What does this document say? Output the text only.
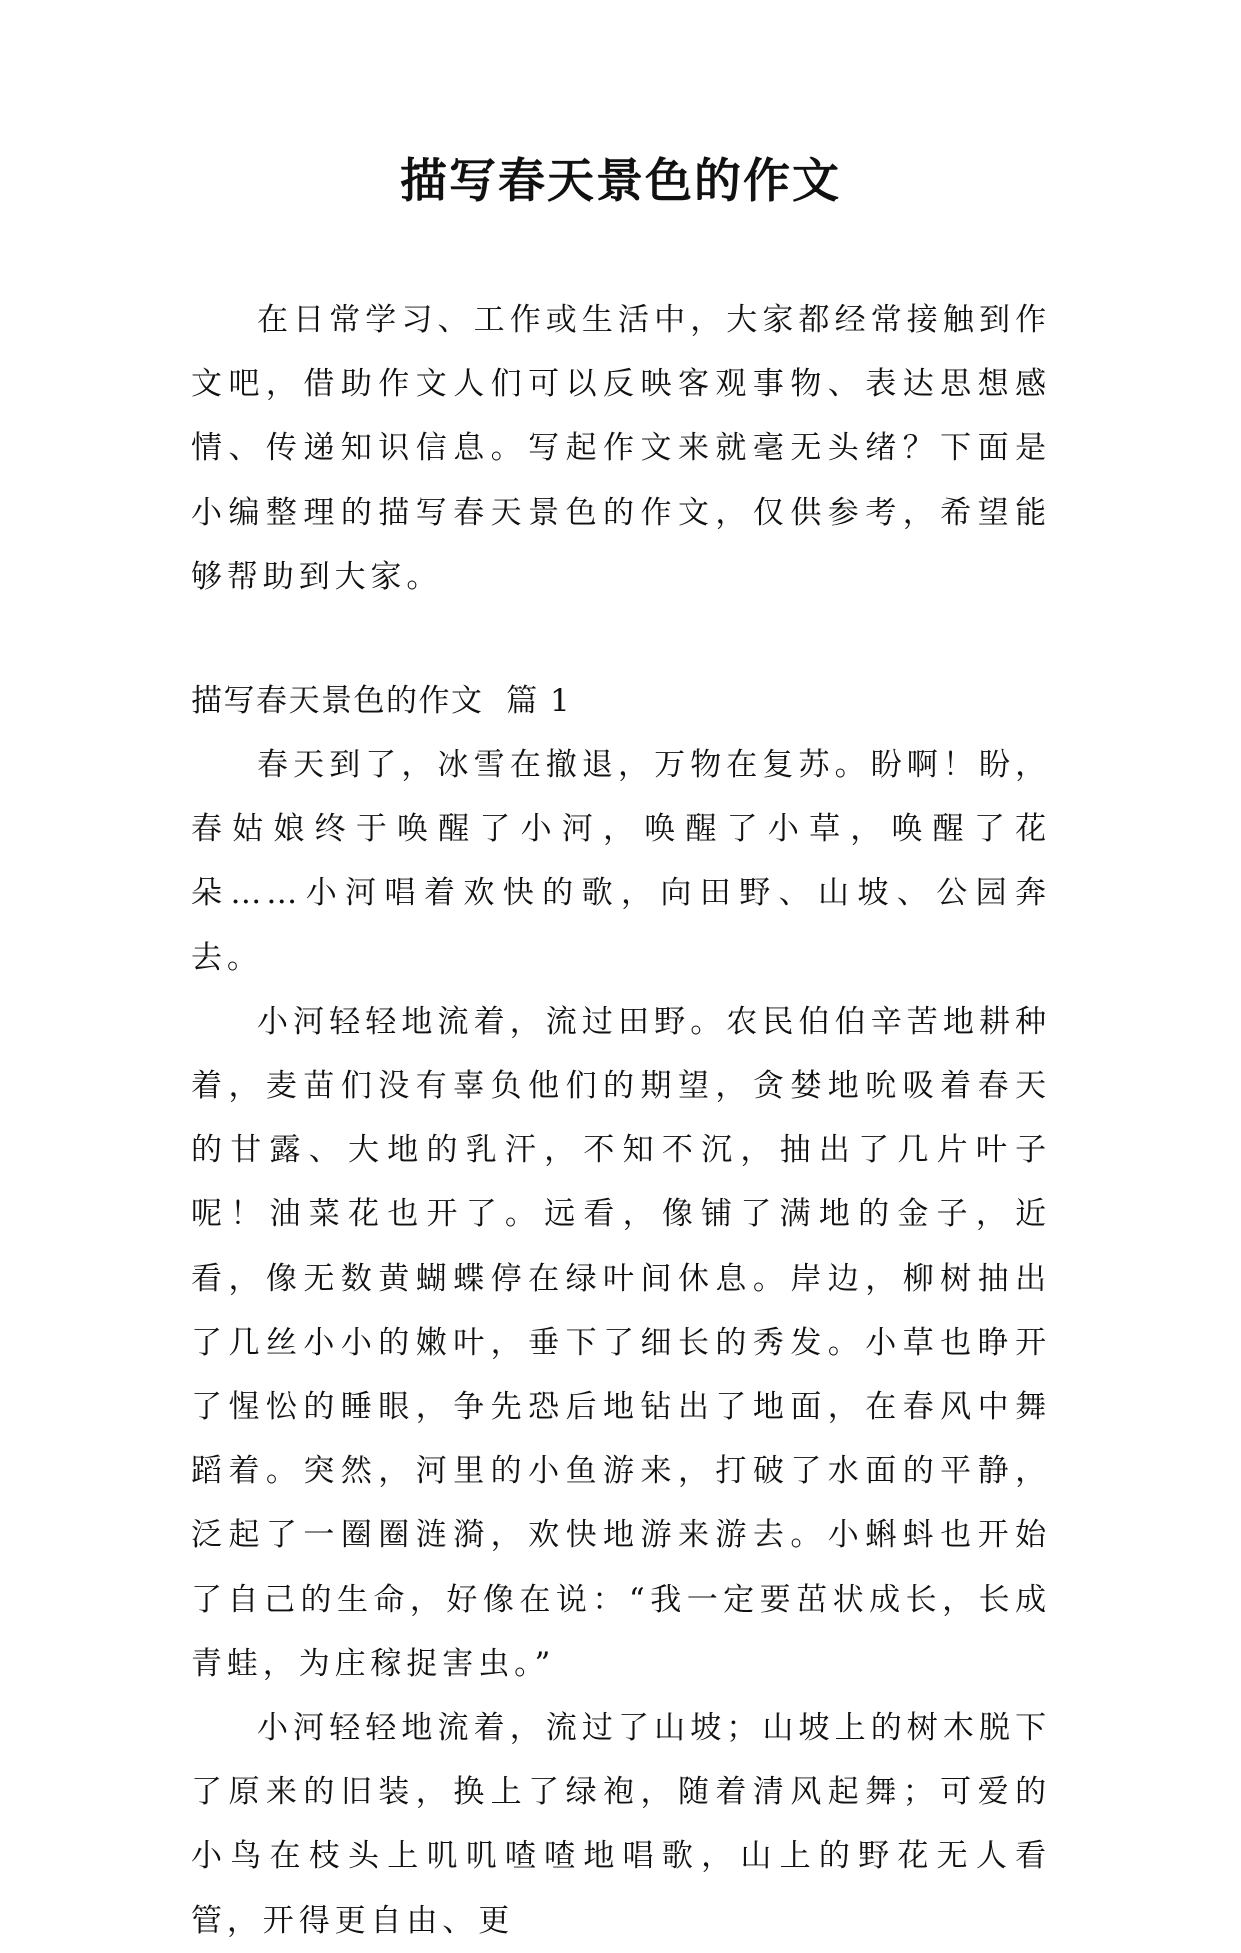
描写春天景色的作文

在日常学习、工作或生活中，大家都经常接触到作文吧，借助作文人们可以反映客观事物、表达思想感情、传递知识信息。写起作文来就毫无头绪？下面是小编整理的描写春天景色的作文，仅供参考，希望能够帮助到大家。

描写春天景色的作文  篇 1

春天到了，冰雪在撤退，万物在复苏。盼啊！盼，春姑娘终于唤醒了小河，唤醒了小草，唤醒了花朵……小河唱着欢快的歌，向田野、山坡、公园奔去。

小河轻轻地流着，流过田野。农民伯伯辛苦地耕种着，麦苗们没有辜负他们的期望，贪婪地吮吸着春天的甘露、大地的乳汗，不知不沉，抽出了几片叶子呢！油菜花也开了。远看，像铺了满地的金子，近看，像无数黄蝴蝶停在绿叶间休息。岸边，柳树抽出了几丝小小的嫩叶，垂下了细长的秀发。小草也睁开了惺忪的睡眼，争先恐后地钻出了地面，在春风中舞蹈着。突然，河里的小鱼游来，打破了水面的平静，泛起了一圈圈涟漪，欢快地游来游去。小蝌蚪也开始了自己的生命，好像在说：“我一定要茁状成长，长成青蛙，为庄稼捉害虫。”

小河轻轻地流着，流过了山坡；山坡上的树木脱下了原来的旧装，换上了绿袍，随着清风起舞；可爱的小鸟在枝头上叽叽喳喳地唱歌，山上的野花无人看管，开得更自由、更
